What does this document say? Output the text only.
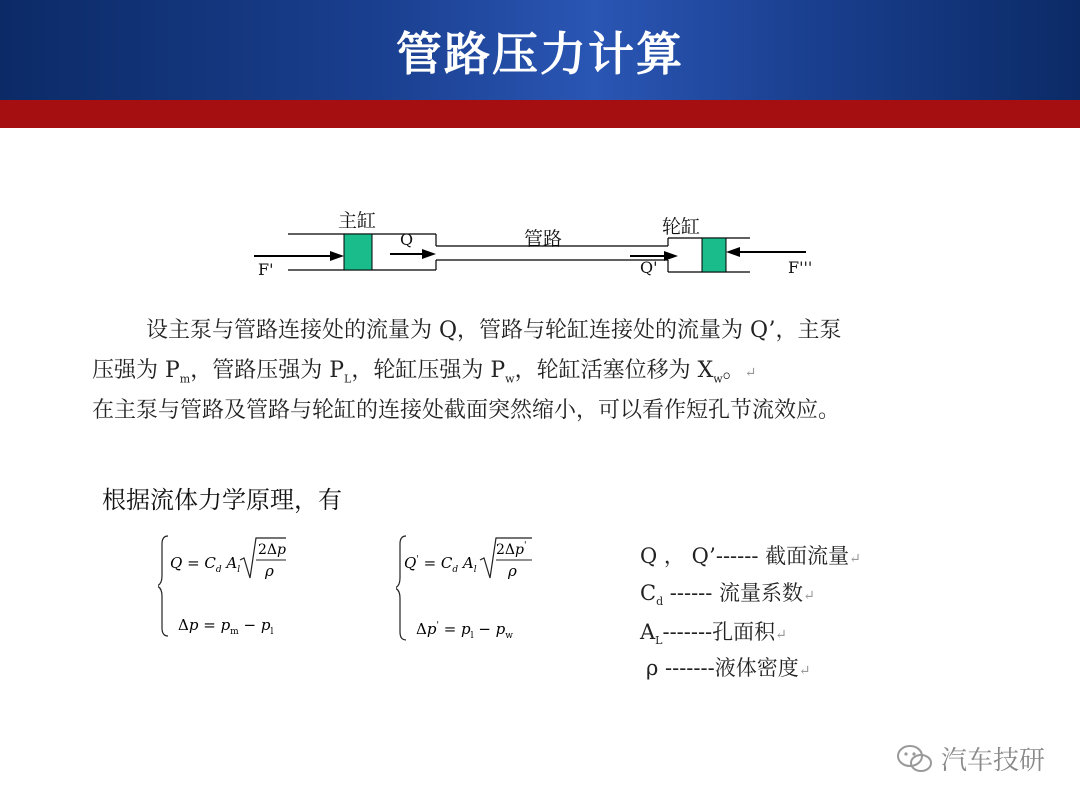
管路压力计算
主缸
管路
轮缸
Q
Q'
F'	F'''
设主泵与管路连接处的流量为 Q，管路与轮缸连接处的流量为 Q’，主泵
压强为 $P_m$，管路压强为 $P_L$，轮缸压强为 $P_w$，轮缸活塞位移为 $X_w$。↵
在主泵与管路及管路与轮缸的连接处截面突然缩小，可以看作短孔节流效应。
根据流体力学原理，有
$Q = C_d$ $A_l$
2Δp
ρ
$\Delta p = p_m - p_l$
$Q' = C_d$ $A_l$
2Δp'
ρ
$\Delta p' = p_l - p_w$
Q ， Q’------ 截面流量↵
$C_d$ ------ 流量系数↵
$A_L-------$孔面积↵
ρ -------液体密度↵
汽车技研
